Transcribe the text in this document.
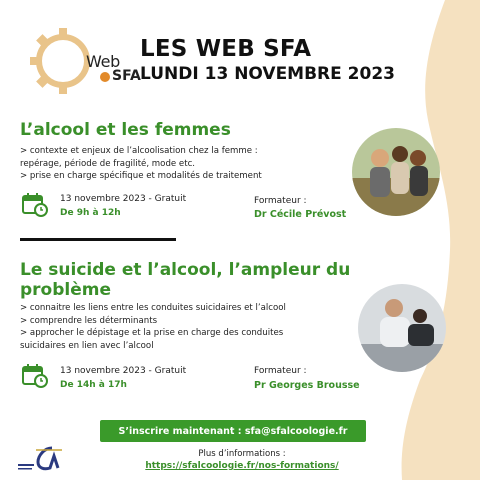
Web
SFA
LES WEB SFA
LUNDI 13 NOVEMBRE 2023
L’alcool et les femmes
> contexte et enjeux de l’alcoolisation chez la femme :
repérage, période de fragilité, mode etc.
> prise en charge spécifique et modalités de traitement
13 novembre 2023 - Gratuit
De 9h à 12h
Formateur :
Dr Cécile Prévost
Le suicide et l’alcool, l’ampleur du
problème
> connaitre les liens entre les conduites suicidaires et l’alcool
> comprendre les déterminants
> approcher le dépistage et la prise en charge des conduites
suicidaires en lien avec l’alcool
13 novembre 2023 - Gratuit
De 14h à 17h
Formateur :
Pr Georges Brousse
S’inscrire maintenant : sfa@sfalcoologie.fr
Plus d’informations :
https://sfalcoologie.fr/nos-formations/
